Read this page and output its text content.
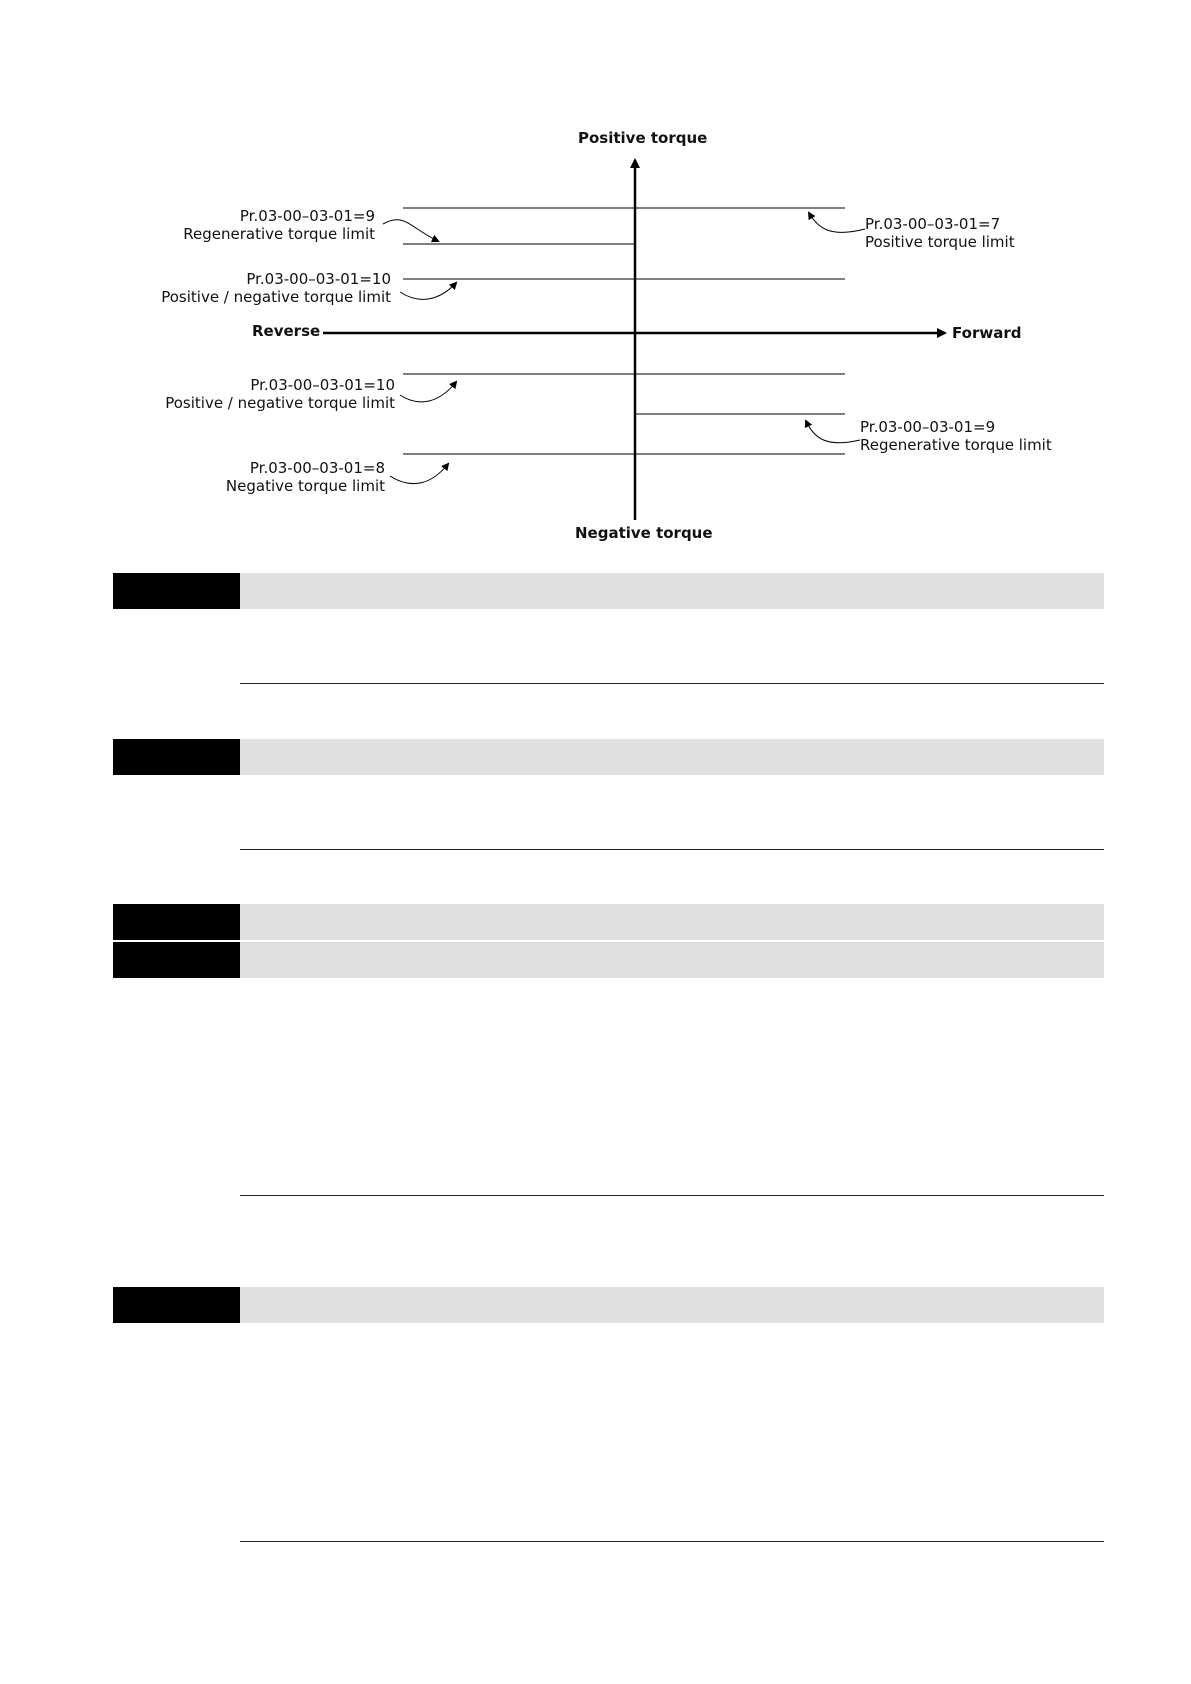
Positive torque
Negative torque
Reverse	Forward
Pr.03-00–03-01=9
Regenerative torque limit
Pr.03-00–03-01=10
Positive / negative torque limit
Pr.03-00–03-01=7
Positive torque limit
Pr.03-00–03-01=10
Positive / negative torque limit
Pr.03-00–03-01=9
Regenerative torque limit
Pr.03-00–03-01=8
Negative torque limit
